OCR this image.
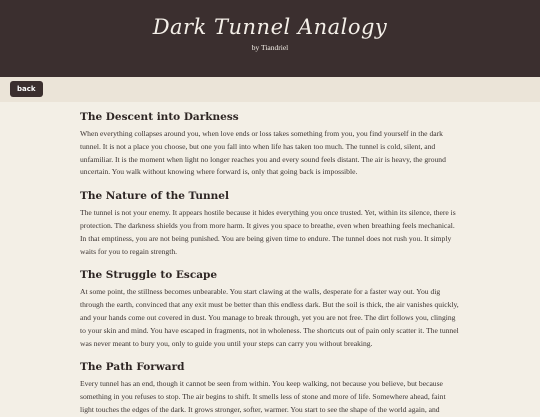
Dark Tunnel Analogy
by Tiandriel
back
The Descent into Darkness

When everything collapses around you, when love ends or loss takes something from you, you find yourself in the dark tunnel. It is not a place you choose, but one you fall into when life has taken too much. The tunnel is cold, silent, and unfamiliar. It is the moment when light no longer reaches you and every sound feels distant. The air is heavy, the ground uncertain. You walk without knowing where forward is, only that going back is impossible.

The Nature of the Tunnel

The tunnel is not your enemy. It appears hostile because it hides everything you once trusted. Yet, within its silence, there is protection. The darkness shields you from more harm. It gives you space to breathe, even when breathing feels mechanical. In that emptiness, you are not being punished. You are being given time to endure. The tunnel does not rush you. It simply waits for you to regain strength.

The Struggle to Escape

At some point, the stillness becomes unbearable. You start clawing at the walls, desperate for a faster way out. You dig through the earth, convinced that any exit must be better than this endless dark. But the soil is thick, the air vanishes quickly, and your hands come out covered in dust. You manage to break through, yet you are not free. The dirt follows you, clinging to your skin and mind. You have escaped in fragments, not in wholeness. The shortcuts out of pain only scatter it. The tunnel was never meant to bury you, only to guide you until your steps can carry you without breaking.

The Path Forward

Every tunnel has an end, though it cannot be seen from within. You keep walking, not because you believe, but because something in you refuses to stop. The air begins to shift. It smells less of stone and more of life. Somewhere ahead, faint light touches the edges of the dark. It grows stronger, softer, warmer. You start to see the shape of the world again, and
